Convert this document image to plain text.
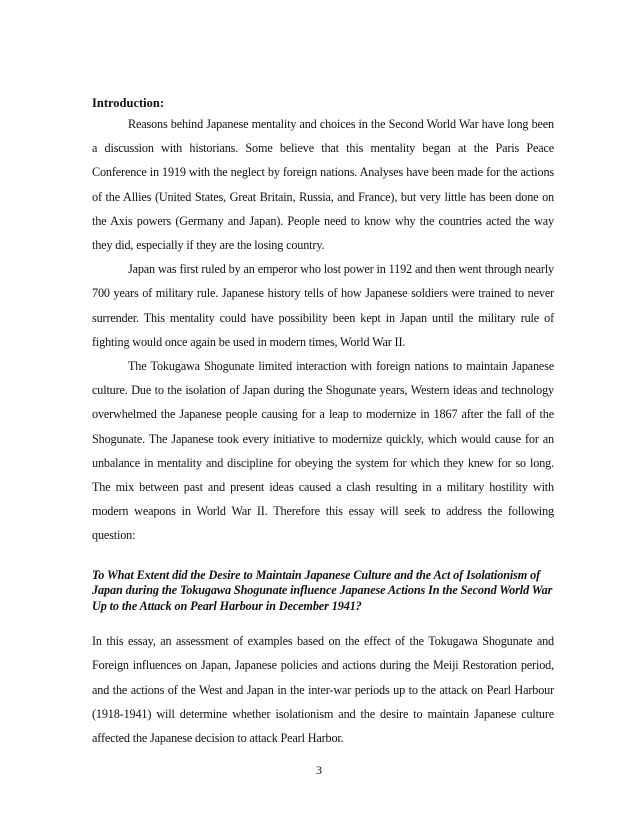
Introduction:

Reasons behind Japanese mentality and choices in the Second World War have long been a discussion with historians. Some believe that this mentality began at the Paris Peace Conference in 1919 with the neglect by foreign nations. Analyses have been made for the actions of the Allies (United States, Great Britain, Russia, and France), but very little has been done on the Axis powers (Germany and Japan). People need to know why the countries acted the way they did, especially if they are the losing country.

Japan was first ruled by an emperor who lost power in 1192 and then went through nearly 700 years of military rule. Japanese history tells of how Japanese soldiers were trained to never surrender. This mentality could have possibility been kept in Japan until the military rule of fighting would once again be used in modern times, World War II.

The Tokugawa Shogunate limited interaction with foreign nations to maintain Japanese culture. Due to the isolation of Japan during the Shogunate years, Western ideas and technology overwhelmed the Japanese people causing for a leap to modernize in 1867 after the fall of the Shogunate. The Japanese took every initiative to modernize quickly, which would cause for an unbalance in mentality and discipline for obeying the system for which they knew for so long. The mix between past and present ideas caused a clash resulting in a military hostility with modern weapons in World War II. Therefore this essay will seek to address the following question:

To What Extent did the Desire to Maintain Japanese Culture and the Act of Isolationism of Japan during the Tokugawa Shogunate influence Japanese Actions In the Second World War Up to the Attack on Pearl Harbour in December 1941?

In this essay, an assessment of examples based on the effect of the Tokugawa Shogunate and Foreign influences on Japan, Japanese policies and actions during the Meiji Restoration period, and the actions of the West and Japan in the inter-war periods up to the attack on Pearl Harbour (1918-1941) will determine whether isolationism and the desire to maintain Japanese culture affected the Japanese decision to attack Pearl Harbor.

3
